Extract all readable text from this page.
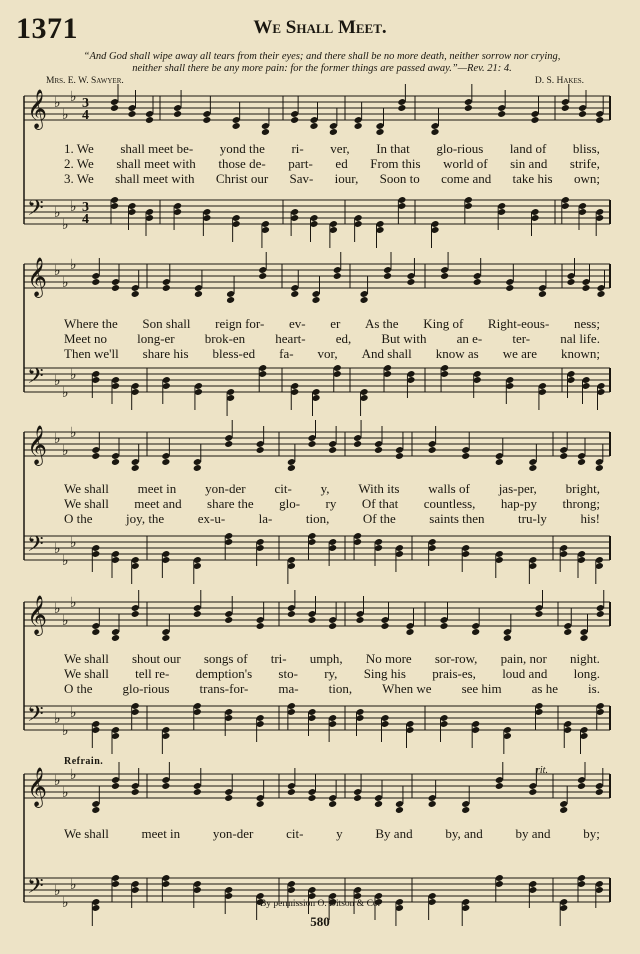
1371	We Shall Meet.
“And God shall wipe away all tears from their eyes; and there shall be no more death, neither sorrow nor crying,
neither shall there be any more pain: for the former things are passed away.”—Rev. 21: 4.
Mrs. E. W. Sawyer.	D. S. Hakes.
𝄞 ♭
♭
♭ 3
4
𝄢 ♭
♭
♭ 3
4
𝄞 ♭
♭
♭
𝄢 ♭
♭
♭
𝄞 ♭
♭
♭
𝄢 ♭
♭
♭
𝄞 ♭
♭
♭
𝄢 ♭
♭
♭
𝄞 ♭
♭
♭
𝄢 ♭
♭
♭
1. We shall meet be- yond the ri- ver, In that glo-rious land of bliss,
2. We shall meet with those de- part- ed From this world of sin and strife,
3. We shall meet with Christ our Sav- iour, Soon to come and take his own;
Where the Son shall reign for- ev- er As the King of Right-eous- ness;
Meet no long-er brok-en heart- ed, But with an e- ter- nal life.
Then we'll share his bless-ed fa- vor, And shall know as we are known;
We shall meet in yon-der cit- y, With its walls of jas-per, bright,
We shall meet and share the glo- ry Of that countless, hap-py throng;
O the	joy, the	ex-u-	la-	tion,	Of the	saints then	tru-ly	his!
We shall shout our songs of tri- umph, No more sor-row, pain, nor night.
We shall tell re- demption's sto- ry, Sing his prais-es, loud and long.
O the glo-rious trans-for- ma- tion, When we see him as he is.
We shall	meet in	yon-der	cit-	y	By and	by, and	by and	by;
Refrain.
rit.
By permission O. Ditson & Co.
580
